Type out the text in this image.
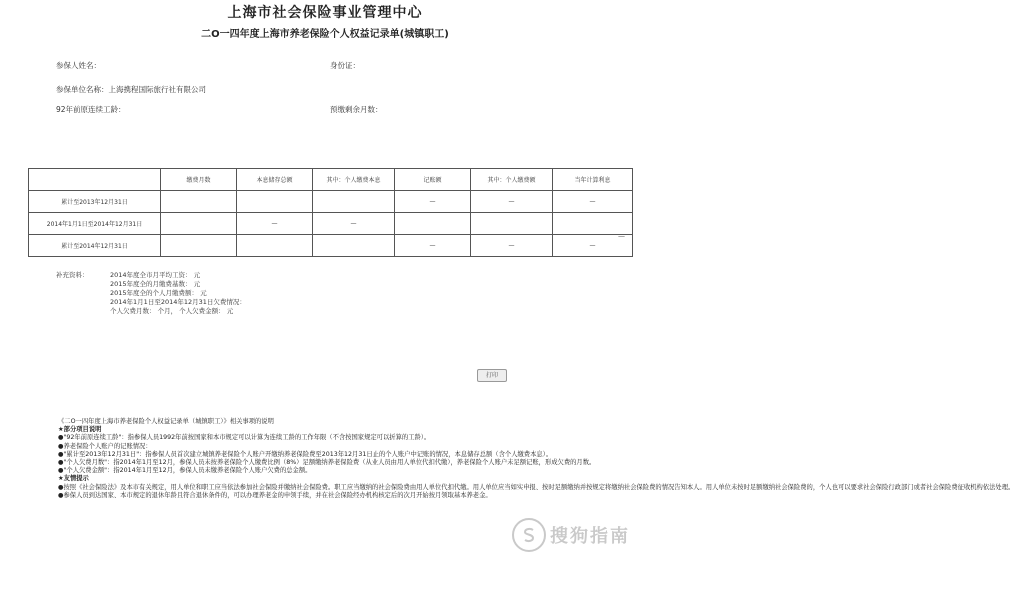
上海市社会保险事业管理中心
二O一四年度上海市养老保险个人权益记录单(城镇职工)
参保人姓名：	身份证：
参保单位名称：上海携程国际旅行社有限公司
92年前原连续工龄：	预缴剩余月数：
	缴费月数	本息储存总额	其中：个人缴费本息	记账额	其中：个人缴费额	当年计算利息
累计至2013年12月31日				—	—	—
2014年1月1日至2014年12月31日		—	—			
累计至2014年12月31日				—	—	—
—
补充资料：	2014年度全市月平均工资： 元
2015年度全的月缴费基数： 元
2015年度全的个人月缴费额： 元
2014年1月1日至2014年12月31日欠费情况：
个人欠费月数： 个月， 个人欠费金额： 元
打印
《二O一四年度上海市养老保险个人权益记录单（城镇职工）》相关事项的说明
★部分项目说明
●"92年前原连续工龄"：指参保人员1992年前按国家和本市规定可以计算为连续工龄的工作年限（不含按国家规定可以折算的工龄）。
●养老保险个人账户的记账情况：
●"累计至2013年12月31日"：指参保人员首次建立城镇养老保险个人账户开缴纳养老保险费至2013年12月31日止的个人账户中记账的情况，本息储存总额（含个人缴费本息）。
●"个人欠费月数"：指2014年1月至12月，参保人员未按养老保险个人缴费比例（8%）足额缴纳养老保险费（从业人员由用人单位代扣代缴），养老保险个人账户未足额记账，形成欠费的月数。
●"个人欠费金额"：指2014年1月至12月，参保人员未缴养老保险个人账户欠费的总金额。
★友情提示
●按照《社会保险法》及本市有关规定，用人单位和职工应当依法参加社会保险并缴纳社会保险费。职工应当缴纳的社会保险费由用人单位代扣代缴。用人单位应当如实申报、按时足额缴纳并按规定将缴纳社会保险费的情况告知本人。用人单位未按时足额缴纳社会保险费的，个人也可以要求社会保险行政部门或者社会保险费征收机构依法处理。
●参保人员到达国家、本市规定的退休年龄且符合退休条件的，可以办理养老金的申领手续，并在社会保险经办机构核定后的次月开始按月领取基本养老金。
搜狗指南
